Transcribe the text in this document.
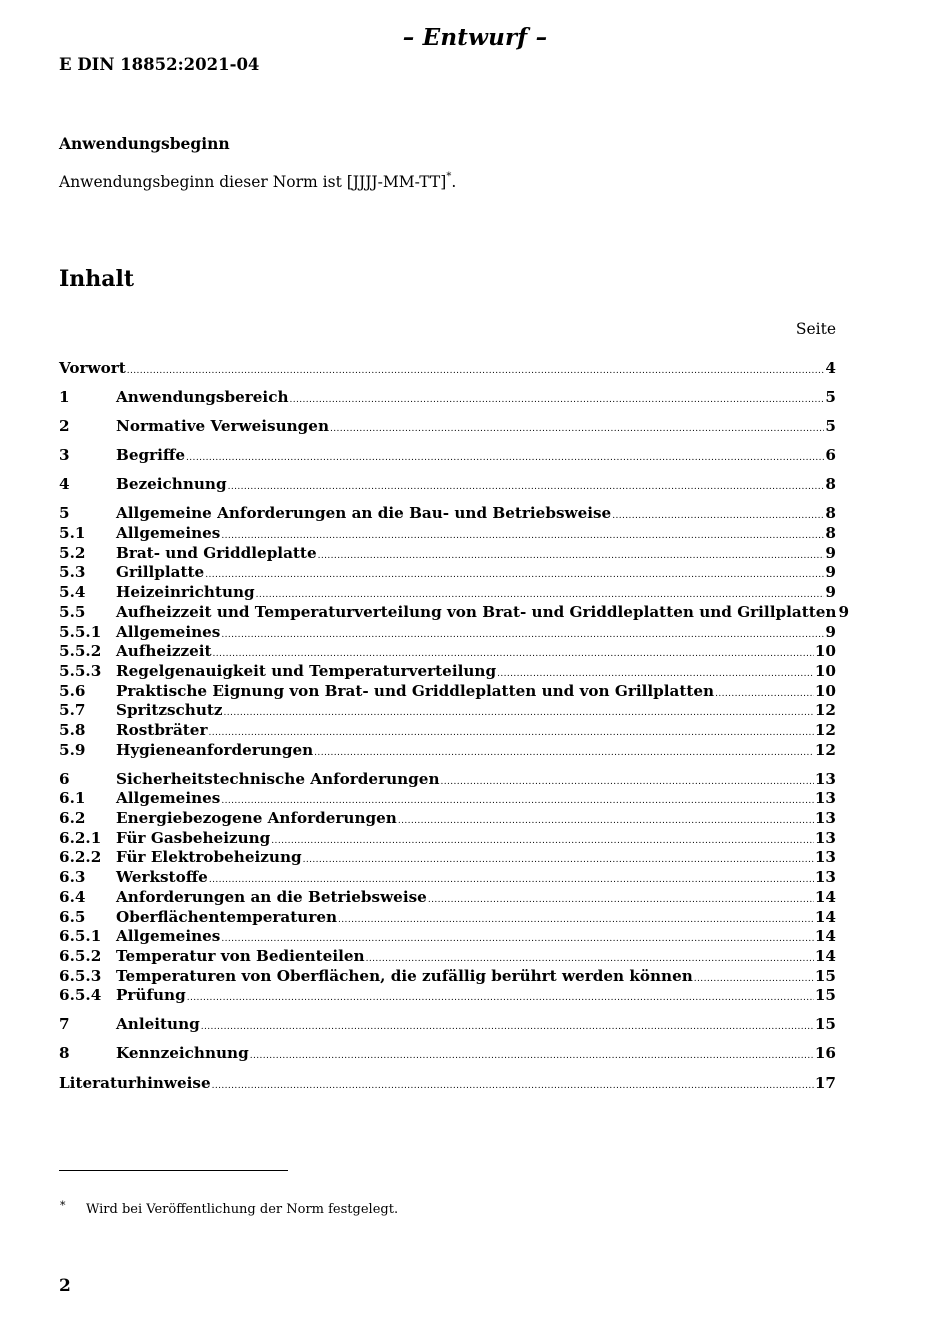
– Entwurf –
E DIN 18852:2021-04
Anwendungsbeginn
Anwendungsbeginn dieser Norm ist [JJJJ-MM-TT]*.
Inhalt
Seite
Vorwort .....	4
1	Anwendungsbereich .....	5
2	Normative Verweisungen .....	5
3	Begriffe .....	6
4	Bezeichnung .....	8
5	Allgemeine Anforderungen an die Bau- und Betriebsweise .....	8
5.1	Allgemeines .....	8
5.2	Brat- und Griddleplatte .....	9
5.3	Grillplatte .....	9
5.4	Heizeinrichtung .....	9
5.5	Aufheizzeit und Temperaturverteilung von Brat- und Griddleplatten und Grillplatten 9
5.5.1 Allgemeines .....	9
5.5.2 Aufheizzeit .....	10
5.5.3 Regelgenauigkeit und Temperaturverteilung .....	10
5.6	Praktische Eignung von Brat- und Griddleplatten und von Grillplatten .....	10
5.7	Spritzschutz .....	12
5.8	Rostbräter .....	12
5.9	Hygieneanforderungen .....	12
6	Sicherheitstechnische Anforderungen .....	13
6.1	Allgemeines .....	13
6.2	Energiebezogene Anforderungen .....	13
6.2.1 Für Gasbeheizung .....	13
6.2.2 Für Elektrobeheizung .....	13
6.3	Werkstoffe .....	13
6.4	Anforderungen an die Betriebsweise .....	14
6.5	Oberflächentemperaturen .....	14
6.5.1 Allgemeines .....	14
6.5.2 Temperatur von Bedienteilen .....	14
6.5.3 Temperaturen von Oberflächen, die zufällig berührt werden können .....	15
6.5.4 Prüfung .....	15
7	Anleitung .....	15
8	Kennzeichnung .....	16
Literaturhinweise .....	17
* Wird bei Veröffentlichung der Norm festgelegt.
2
